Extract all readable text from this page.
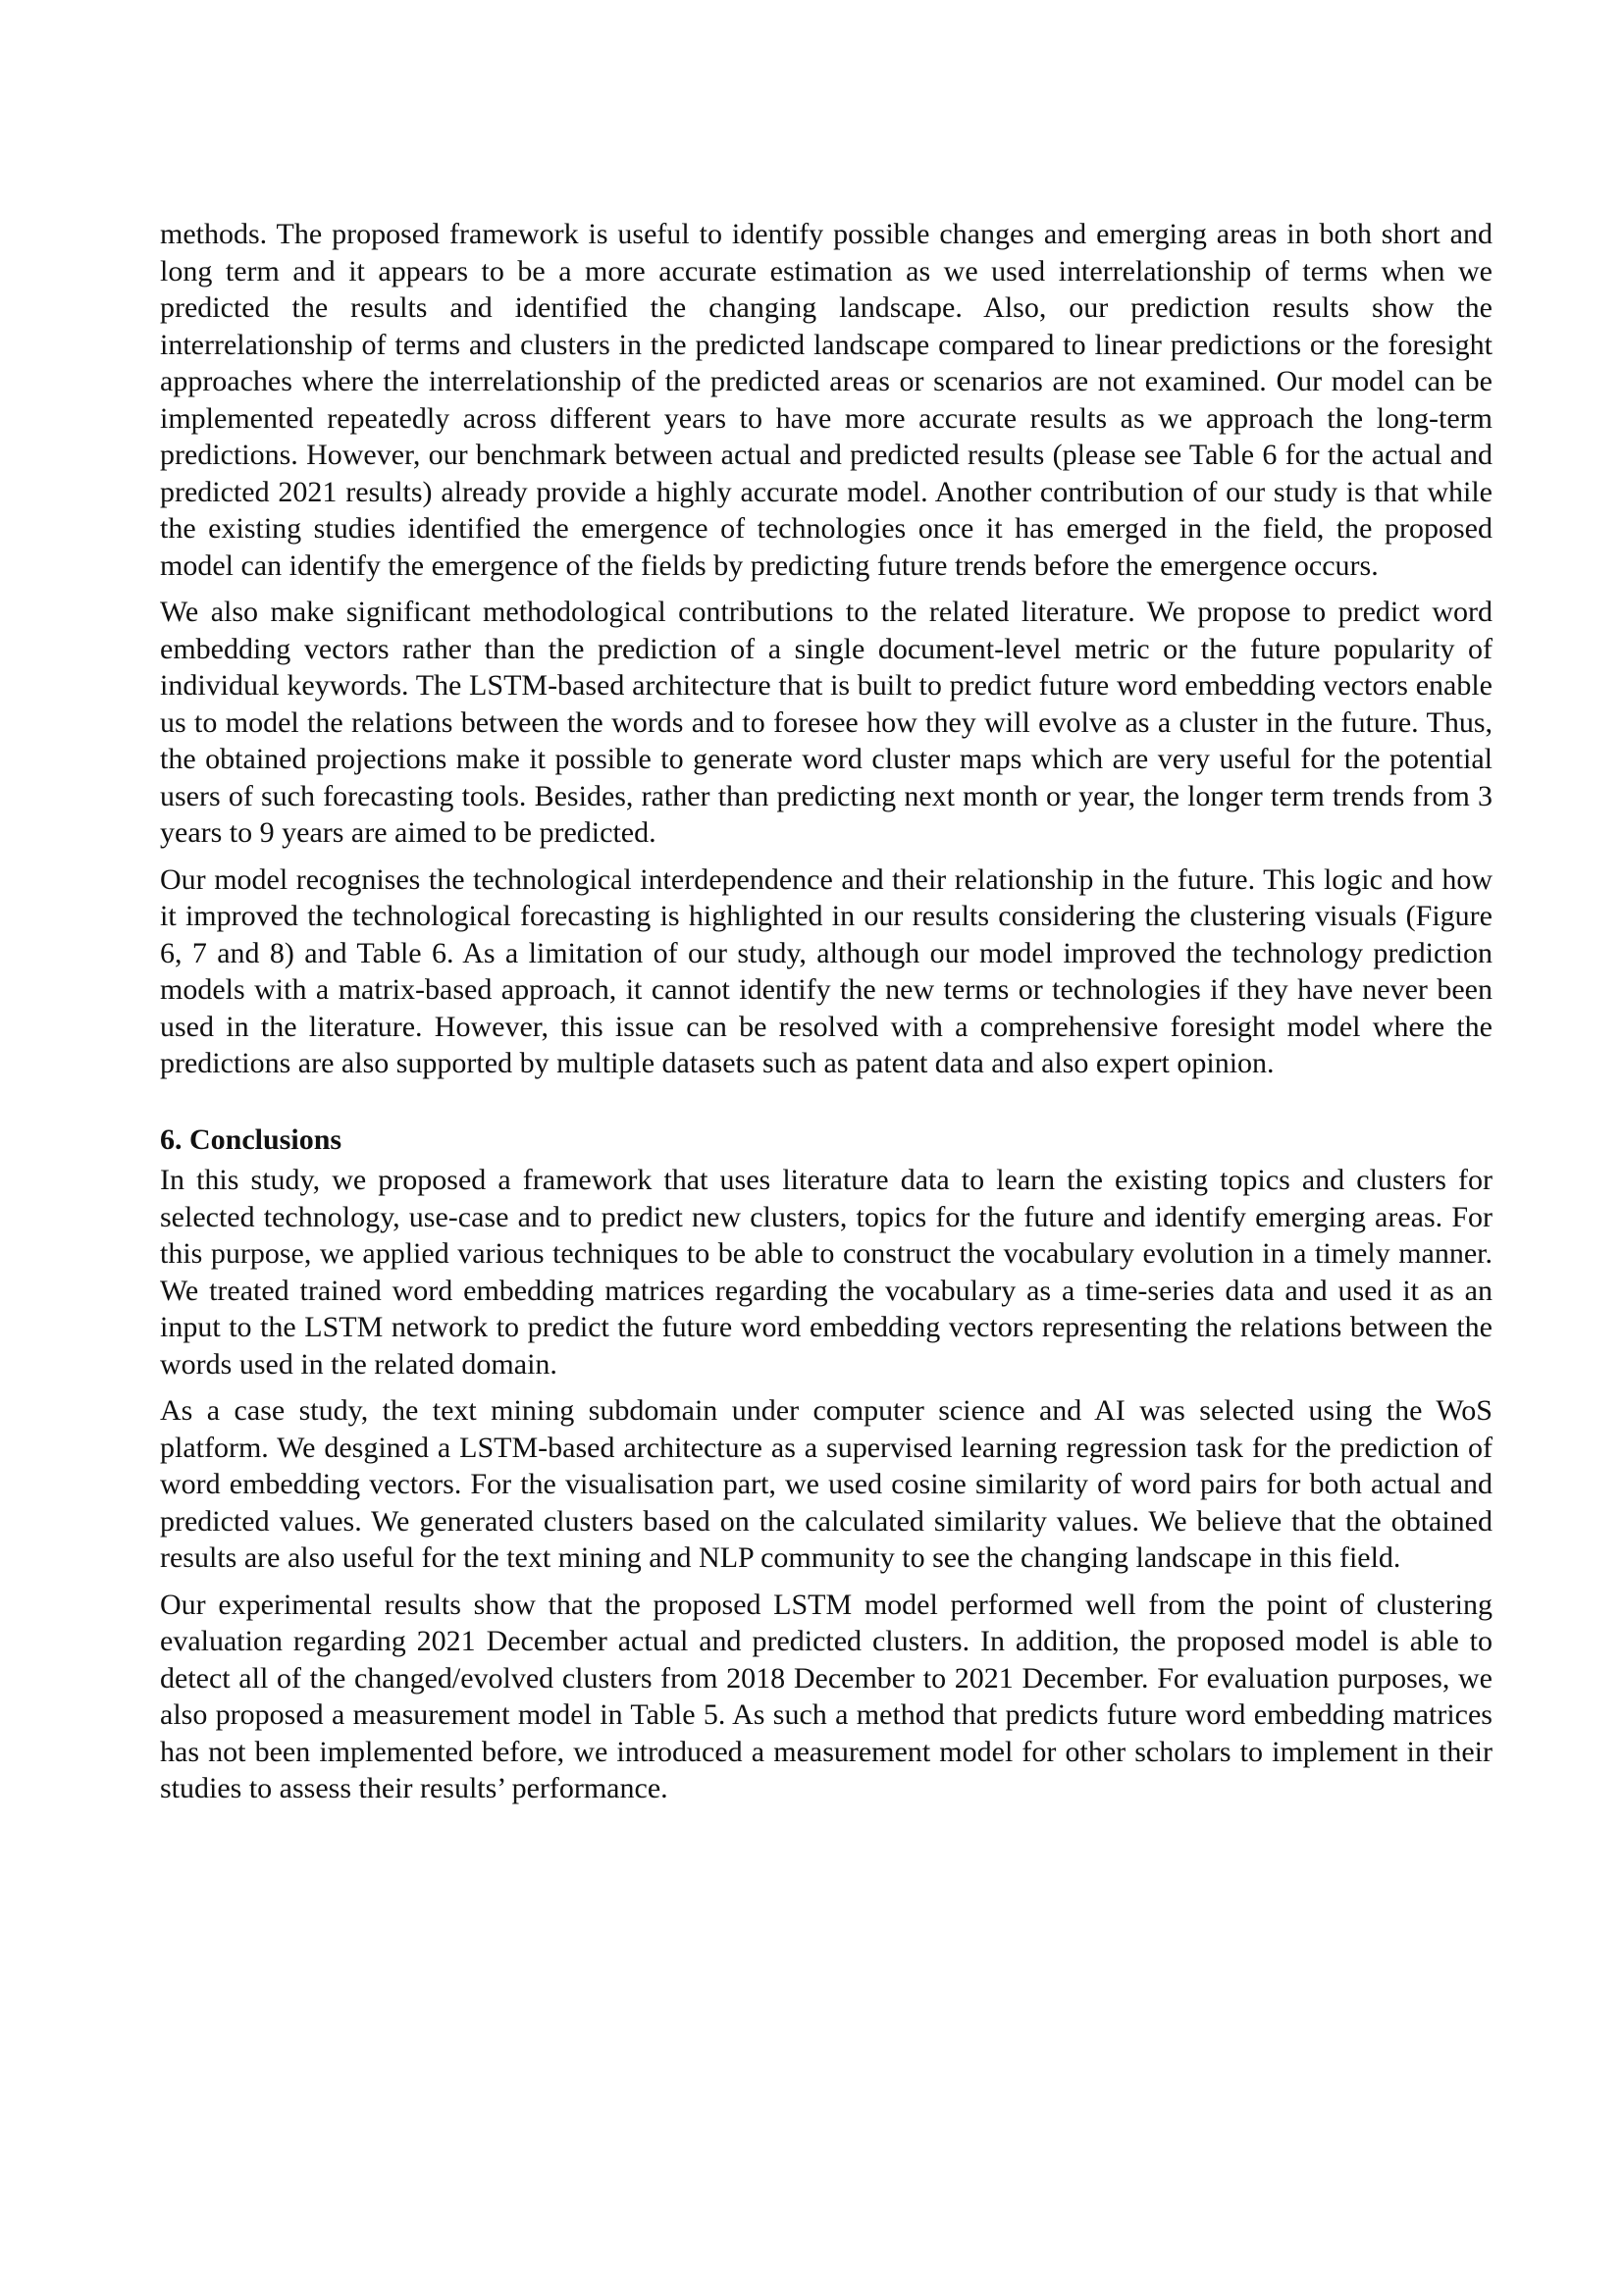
methods. The proposed framework is useful to identify possible changes and emerging areas in both short and long term and it appears to be a more accurate estimation as we used interrelationship of terms when we predicted the results and identified the changing landscape. Also, our prediction results show the interrelationship of terms and clusters in the predicted landscape compared to linear predictions or the foresight approaches where the interrelationship of the predicted areas or scenarios are not examined. Our model can be implemented repeatedly across different years to have more accurate results as we approach the long-term predictions. However, our benchmark between actual and predicted results (please see Table 6 for the actual and predicted 2021 results) already provide a highly accurate model. Another contribution of our study is that while the existing studies identified the emergence of technologies once it has emerged in the field, the proposed model can identify the emergence of the fields by predicting future trends before the emergence occurs.

We also make significant methodological contributions to the related literature. We propose to predict word embedding vectors rather than the prediction of a single document-level metric or the future popularity of individual keywords. The LSTM-based architecture that is built to predict future word embedding vectors enable us to model the relations between the words and to foresee how they will evolve as a cluster in the future. Thus, the obtained projections make it possible to generate word cluster maps which are very useful for the potential users of such forecasting tools. Besides, rather than predicting next month or year, the longer term trends from 3 years to 9 years are aimed to be predicted.

Our model recognises the technological interdependence and their relationship in the future. This logic and how it improved the technological forecasting is highlighted in our results considering the clustering visuals (Figure 6, 7 and 8) and Table 6. As a limitation of our study, although our model improved the technology prediction models with a matrix-based approach, it cannot identify the new terms or technologies if they have never been used in the literature. However, this issue can be resolved with a comprehensive foresight model where the predictions are also supported by multiple datasets such as patent data and also expert opinion.

6. Conclusions

In this study, we proposed a framework that uses literature data to learn the existing topics and clusters for selected technology, use-case and to predict new clusters, topics for the future and identify emerging areas. For this purpose, we applied various techniques to be able to construct the vocabulary evolution in a timely manner. We treated trained word embedding matrices regarding the vocabulary as a time-series data and used it as an input to the LSTM network to predict the future word embedding vectors representing the relations between the words used in the related domain.

As a case study, the text mining subdomain under computer science and AI was selected using the WoS platform. We desgined a LSTM-based architecture as a supervised learning regression task for the prediction of word embedding vectors. For the visualisation part, we used cosine similarity of word pairs for both actual and predicted values. We generated clusters based on the calculated similarity values. We believe that the obtained results are also useful for the text mining and NLP community to see the changing landscape in this field.

Our experimental results show that the proposed LSTM model performed well from the point of clustering evaluation regarding 2021 December actual and predicted clusters. In addition, the proposed model is able to detect all of the changed/evolved clusters from 2018 December to 2021 December. For evaluation purposes, we also proposed a measurement model in Table 5. As such a method that predicts future word embedding matrices has not been implemented before, we introduced a measurement model for other scholars to implement in their studies to assess their results’ performance.
